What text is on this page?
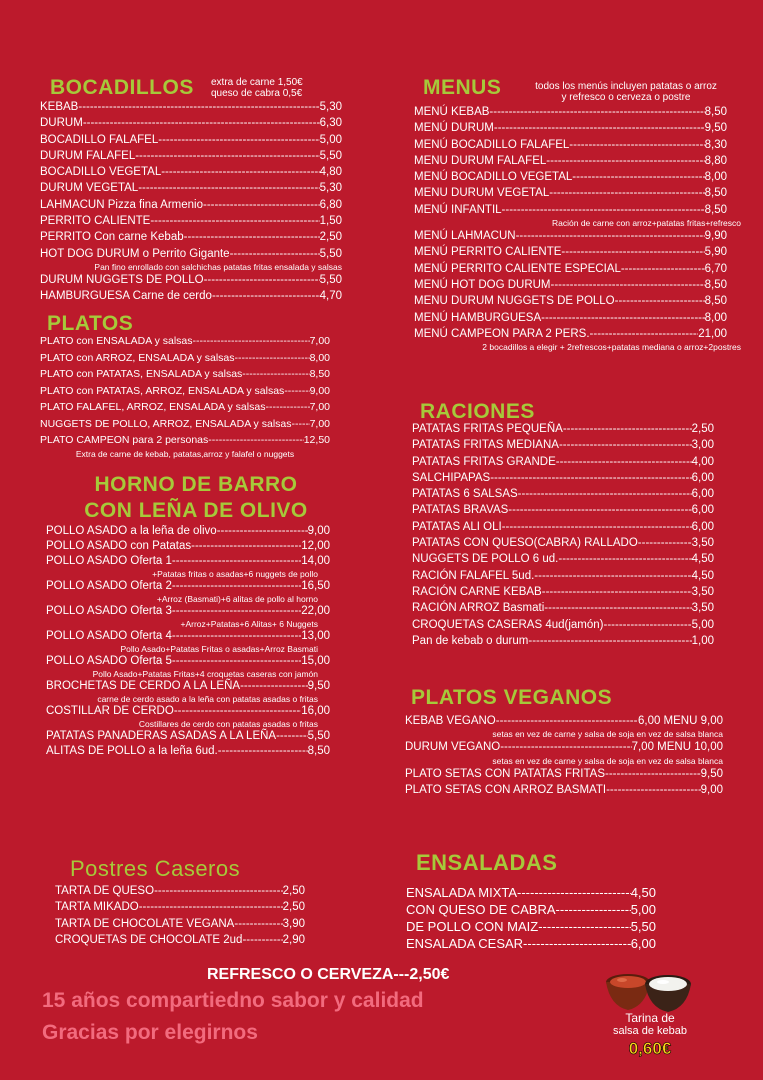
BOCADILLOS extra de carne 1,50€
queso de cabra 0,5€
KEBAB -----	5,30
DURUM -----	6,30
BOCADILLO FALAFEL -----	5,00
DURUM FALAFEL -----	5,50
BOCADILLO VEGETAL -----	4,80
DURUM VEGETAL -----	5,30
LAHMACUN Pizza fina Armenio -----	6,80
PERRITO CALIENTE -----	1,50
PERRITO Con carne Kebab -----	2,50
HOT DOG DURUM o Perrito Gigante -----	5,50
Pan fino enrollado con salchichas patatas fritas ensalada y salsas
DURUM NUGGETS DE POLLO -----	5,50
HAMBURGUESA Carne de cerdo -----	4,70
PLATOS
PLATO con ENSALADA y salsas -----	7,00
PLATO con ARROZ, ENSALADA y salsas -----	8,00
PLATO con PATATAS, ENSALADA y salsas -----	8,50
PLATO con PATATAS, ARROZ, ENSALADA y salsas ----- 9,00
PLATO FALAFEL, ARROZ, ENSALADA y salsas -----	7,00
NUGGETS DE POLLO, ARROZ, ENSALADA y salsas ----- 7,00
PLATO CAMPEON para 2 personas -----	12,50
Extra de carne de kebab, patatas,arroz y falafel o nuggets
HORNO DE BARRO
CON LEÑA DE OLIVO
POLLO ASADO a la leña de olivo -----	9,00
POLLO ASADO con Patatas -----	12,00
POLLO ASADO Oferta 1 -----	14,00
+Patatas fritas o asadas+6 nuggets de pollo
POLLO ASADO Oferta 2 -----	16,50
+Arroz (Basmati)+6 alitas de pollo al horno
POLLO ASADO Oferta 3 -----	22,00
+Arroz+Patatas+6 Alitas+ 6 Nuggets
POLLO ASADO Oferta 4 -----	13,00
Pollo Asado+Patatas Fritas o asadas+Arroz Basmati
POLLO ASADO Oferta 5 -----	15,00
Pollo Asado+Patatas Fritas+4 croquetas caseras con jamón
BROCHETAS DE CERDO A LA LEÑA -----	9,50
carne de cerdo asado a la leña con patatas asadas o fritas
COSTILLAR DE CERDO -----	16,00
Costillares de cerdo con patatas asadas o fritas
PATATAS PANADERAS ASADAS A LA LEÑA -----	5,50
ALITAS DE POLLO a la leña 6ud. -----	8,50
Postres Caseros
TARTA DE QUESO -----	2,50
TARTA MIKADO -----	2,50
TARTA DE CHOCOLATE VEGANA -----	3,90
CROQUETAS DE CHOCOLATE 2ud -----	2,90
MENUS	todos los menús incluyen patatas o arroz
y refresco o cerveza o postre
MENÚ KEBAB -----	8,50
MENÚ DURUM -----	9,50
MENÚ BOCADILLO FALAFEL -----	8,30
MENU DURUM FALAFEL -----	8,80
MENÚ BOCADILLO VEGETAL -----	8,00
MENU DURUM VEGETAL -----	8,50
MENÚ INFANTIL -----	8,50
Ración de carne con arroz+patatas fritas+refresco
MENÚ LAHMACUN -----	9,90
MENÚ PERRITO CALIENTE -----	5,90
MENÚ PERRITO CALIENTE ESPECIAL -----	6,70
MENÚ HOT DOG DURUM -----	8,50
MENU DURUM NUGGETS DE POLLO -----	8,50
MENÚ HAMBURGUESA -----	8,00
MENÚ CAMPEON PARA 2 PERS. -----	21,00
2 bocadillos a elegir + 2refrescos+patatas mediana o arroz+2postres
RACIONES
PATATAS FRITAS PEQUEÑA -----	2,50
PATATAS FRITAS MEDIANA -----	3,00
PATATAS FRITAS GRANDE -----	4,00
SALCHIPAPAS -----	6,00
PATATAS 6 SALSAS -----	6,00
PATATAS BRAVAS -----	6,00
PATATAS ALI OLI -----	6,00
PATATAS CON QUESO(CABRA) RALLADO -----	3,50
NUGGETS DE POLLO 6 ud. -----	4,50
RACIÓN FALAFEL 5ud. -----	4,50
RACIÓN CARNE KEBAB -----	3,50
RACIÓN ARROZ Basmati -----	3,50
CROQUETAS CASERAS 4ud(jamón) -----	5,00
Pan de kebab o durum -----	1,00
PLATOS VEGANOS
KEBAB VEGANO -----	6,00 MENU 9,00
setas en vez de carne y salsa de soja en vez de salsa blanca
DURUM VEGANO -----	7,00 MENU 10,00
setas en vez de carne y salsa de soja en vez de salsa blanca
PLATO SETAS CON PATATAS FRITAS -----	9,50
PLATO SETAS CON ARROZ BASMATI -----	9,00
ENSALADAS
ENSALADA MIXTA -----	4,50
CON QUESO DE CABRA -----	5,00
DE POLLO CON MAIZ -----	5,50
ENSALADA CESAR -----	6,00
REFRESCO O CERVEZA---2,50€
15 años compartiedno sabor y calidad
Gracias por elegirnos
Tarina de
salsa de kebab
0,60€
